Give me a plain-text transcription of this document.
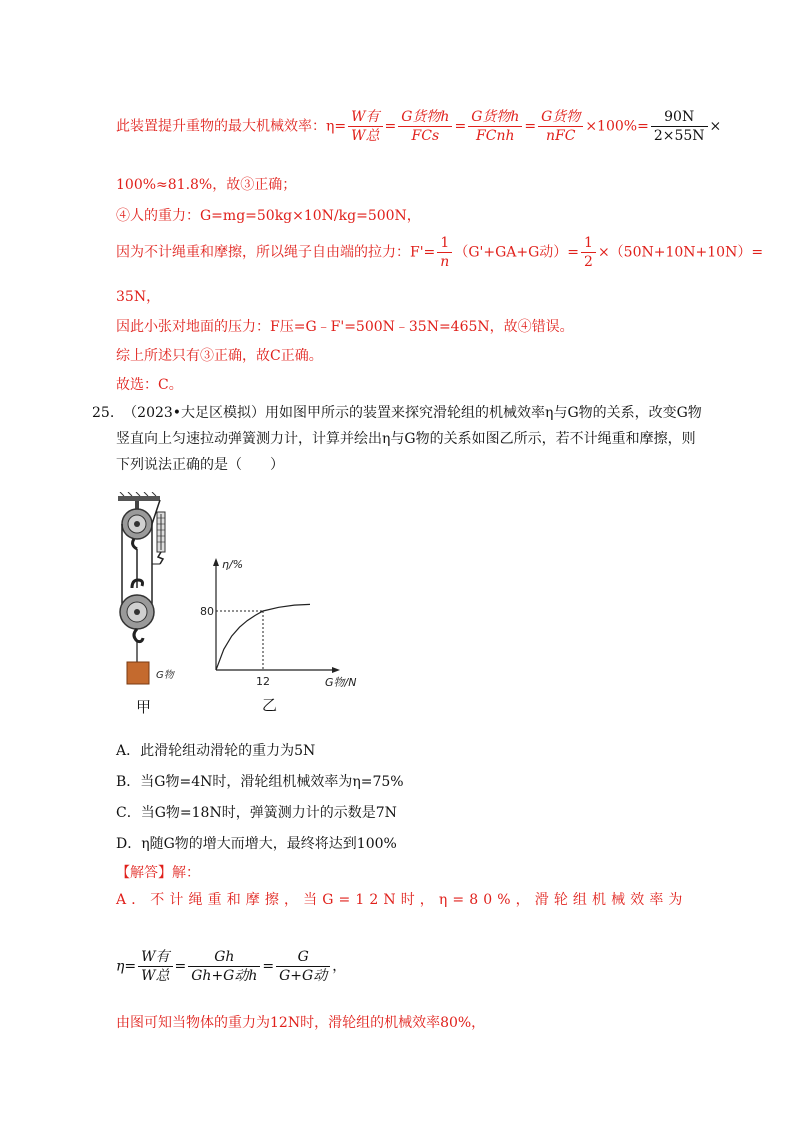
此装置提升重物的最大机械效率：$\eta= \frac{\text{W有}}{\text{W总}} = \frac{\text{G货物h}}{\text{FCs}} = \frac{\text{G货物h}}{\text{FCnh}} = \frac{\text{G货物}}{\text{nFC}} \times 100\%= \frac{90N}{2\times 55N}$ ×
100%≈81.8%，故③正确；
④人的重力：G=mg=50kg×10N/kg=500N，
因为不计绳重和摩擦，所以绳子自由端的拉力：$F'= \frac{1}{n} (G'+GA+G$动）= $\frac{1}{2} \times(50N+10N+10N)=$
35N，
因此小张对地面的压力：F压=G﹣F'=500N﹣35N=465N，故④错误。
综上所述只有③正确，故C正确。
故选：C。
25. （2023•大足区模拟）用如图甲所示的装置来探究滑轮组的机械效率η与G物的关系，改变G物
竖直向上匀速拉动弹簧测力计，计算并绘出η与G物的关系如图乙所示，若不计绳重和摩擦，则
下列说法正确的是（　　）
G物
甲
η/%
G物/N
80
12
乙
A．此滑轮组动滑轮的重力为5N
B．当G物=4N时，滑轮组机械效率为η=75%
C．当G物=18N时，弹簧测力计的示数是7N
D．η随G物的增大而增大，最终将达到100%
【解答】解：
A．不计绳重和摩擦，当G=12N时，η=80%，滑轮组机械效率为
$\eta= \frac{\text{W有}}{\text{W总}} = \frac{Gh}{\text{Gh+G动h}} = \frac{G}{\text{G+G动}}$ ，
由图可知当物体的重力为12N时，滑轮组的机械效率80%，
